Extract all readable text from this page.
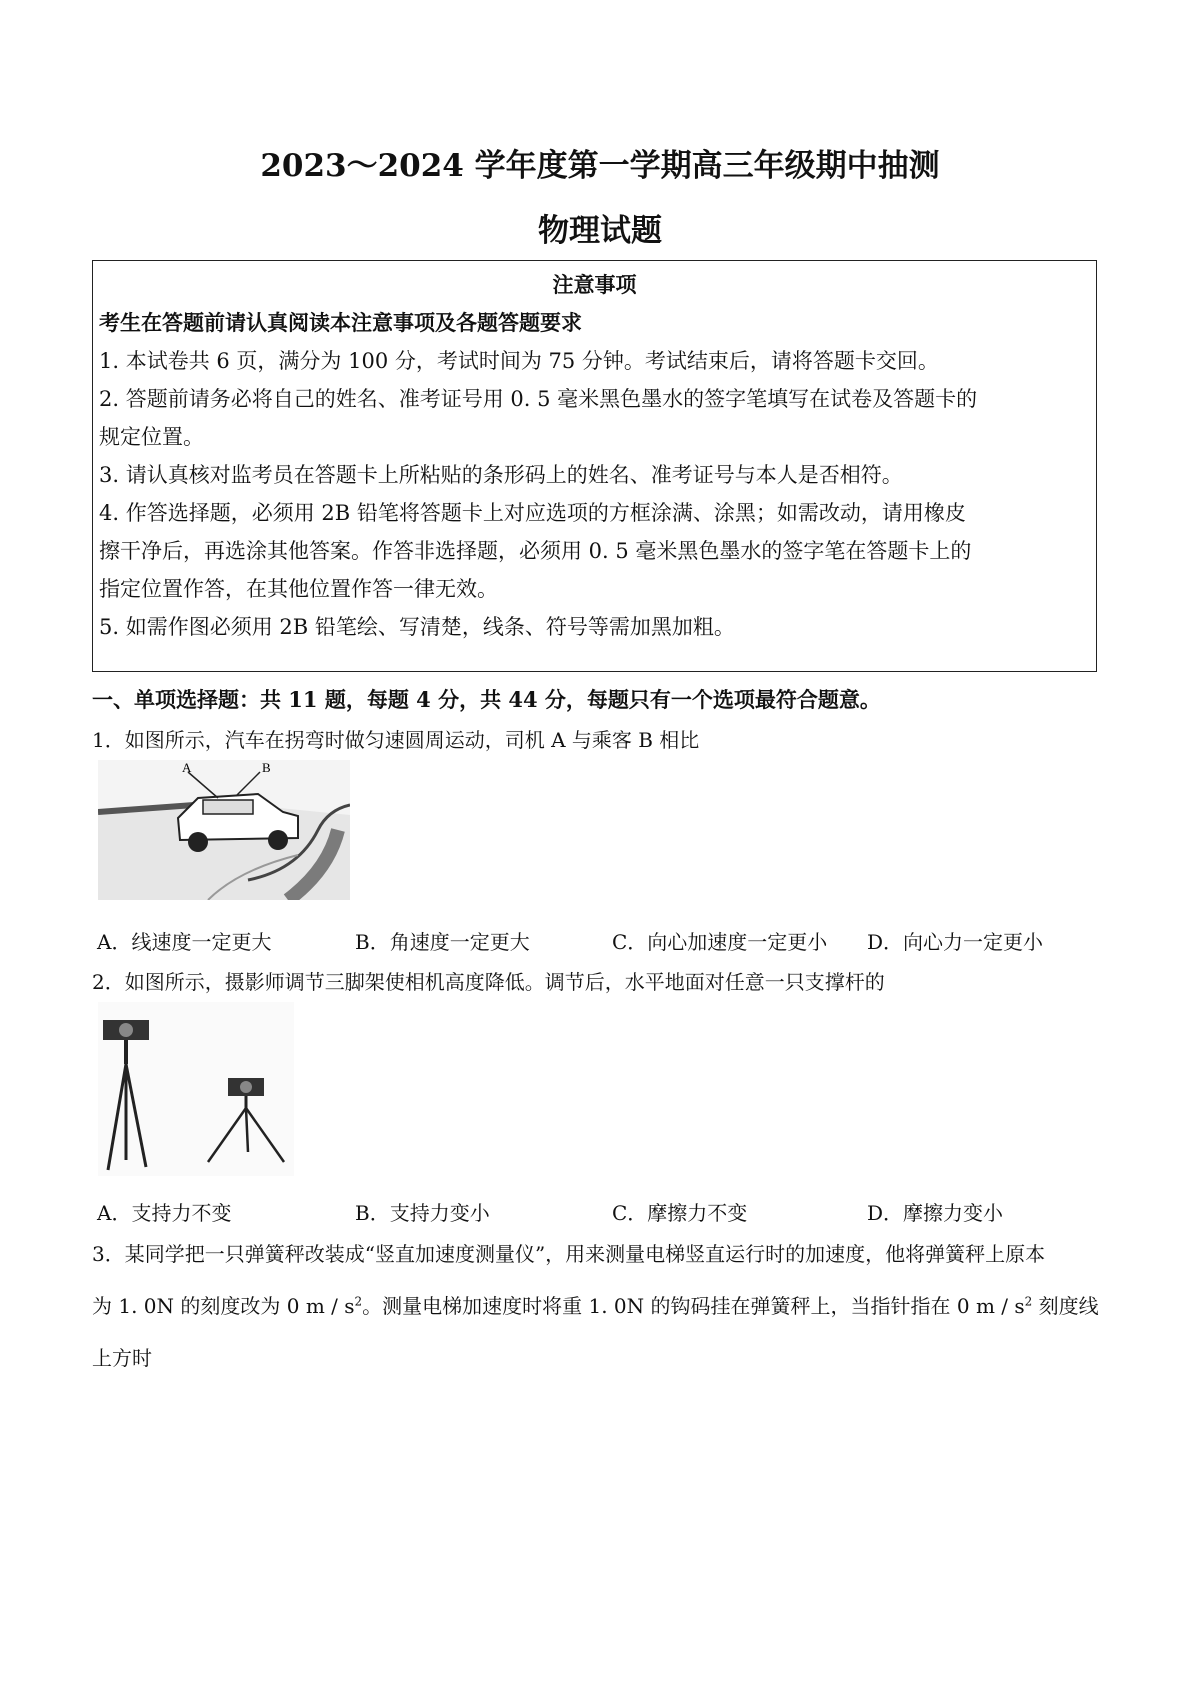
2023～2024 学年度第一学期高三年级期中抽测
物理试题
注意事项
考生在答题前请认真阅读本注意事项及各题答题要求
1. 本试卷共 6 页，满分为 100 分，考试时间为 75 分钟。考试结束后，请将答题卡交回。
2. 答题前请务必将自己的姓名、准考证号用 0. 5 毫米黑色墨水的签字笔填写在试卷及答题卡的
规定位置。
3. 请认真核对监考员在答题卡上所粘贴的条形码上的姓名、准考证号与本人是否相符。
4. 作答选择题，必须用 2B 铅笔将答题卡上对应选项的方框涂满、涂黑；如需改动，请用橡皮
擦干净后，再选涂其他答案。作答非选择题，必须用 0. 5 毫米黑色墨水的签字笔在答题卡上的
指定位置作答，在其他位置作答一律无效。
5. 如需作图必须用 2B 铅笔绘、写清楚，线条、符号等需加黑加粗。
一、单项选择题：共 11 题，每题 4 分，共 44 分，每题只有一个选项最符合题意。
1．如图所示，汽车在拐弯时做匀速圆周运动，司机 A 与乘客 B 相比
A	B
A．线速度一定更大	B．角速度一定更大	C．向心加速度一定更小 D．向心力一定更小
2．如图所示，摄影师调节三脚架使相机高度降低。调节后，水平地面对任意一只支撑杆的
A．支持力不变	B．支持力变小	C．摩擦力不变	D．摩擦力变小
3．某同学把一只弹簧秤改装成“竖直加速度测量仪”，用来测量电梯竖直运行时的加速度，他将弹簧秤上原本
为 1. 0N 的刻度改为 0 m / $s^2$。测量电梯加速度时将重 1. 0N 的钩码挂在弹簧秤上，当指针指在 0 m / $s^2$ 刻度线
上方时
